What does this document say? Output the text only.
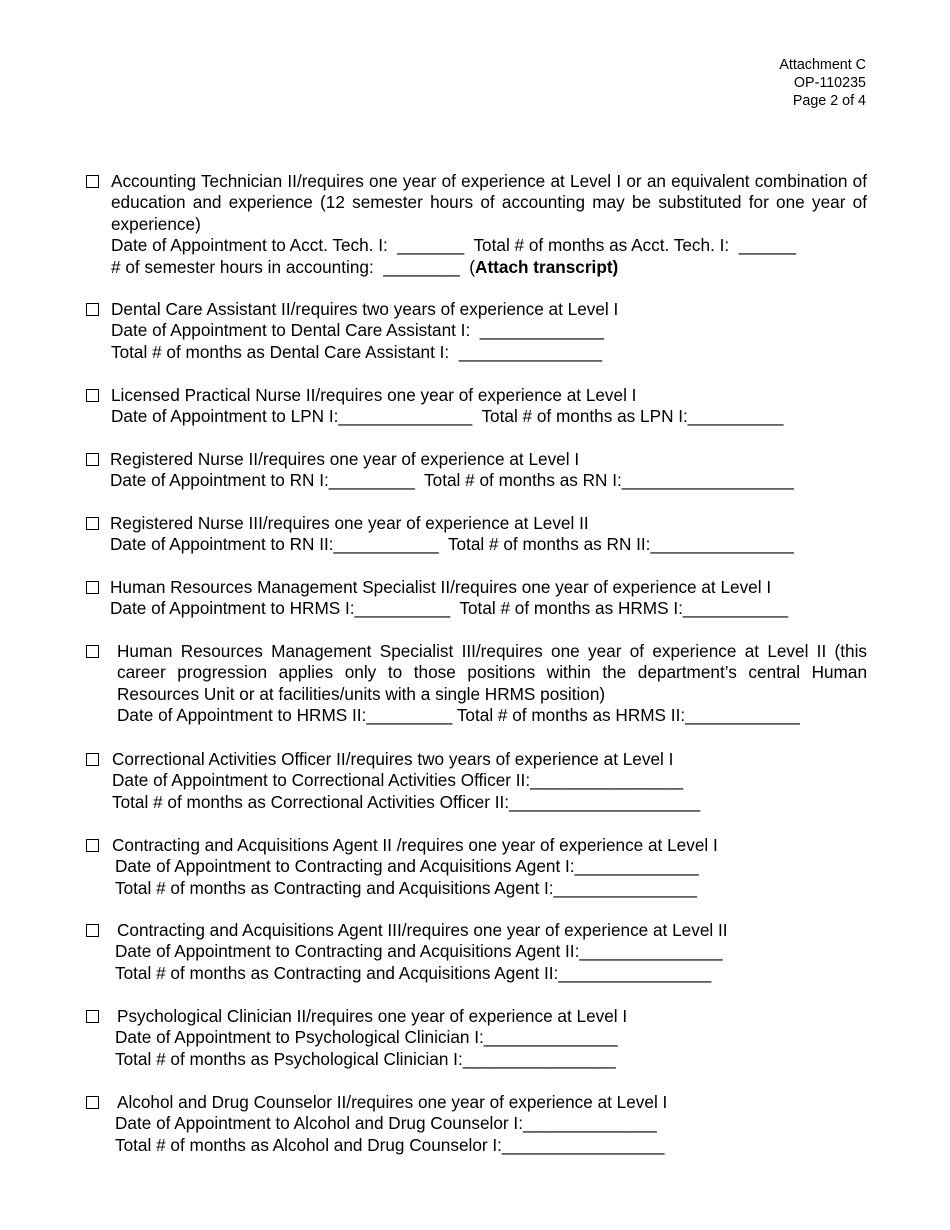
Attachment C
OP-110235
Page 2 of 4
Accounting Technician II/requires one year of experience at Level I or an equivalent combination of education and experience (12 semester hours of accounting may be substituted for one year of experience)
Date of Appointment to Acct. Tech. I:  _______  Total # of months as Acct. Tech. I:  ______
# of semester hours in accounting:  ________  (Attach transcript)
Dental Care Assistant II/requires two years of experience at Level I
Date of Appointment to Dental Care Assistant I:  _____________
Total # of months as Dental Care Assistant I:  _______________
Licensed Practical Nurse II/requires one year of experience at Level I
Date of Appointment to LPN I:______________  Total # of months as LPN I:__________
Registered Nurse II/requires one year of experience at Level I
Date of Appointment to RN I:_________  Total # of months as RN I:__________________
Registered Nurse III/requires one year of experience at Level II
Date of Appointment to RN II:___________  Total # of months as RN II:_______________
Human Resources Management Specialist II/requires one year of experience at Level I
Date of Appointment to HRMS I:__________  Total # of months as HRMS I:___________
Human Resources Management Specialist III/requires one year of experience at Level II (this career progression applies only to those positions within the department’s central Human Resources Unit or at facilities/units with a single HRMS position)
Date of Appointment to HRMS II:_________ Total # of months as HRMS II:____________
Correctional Activities Officer II/requires two years of experience at Level I
Date of Appointment to Correctional Activities Officer II:________________
Total # of months as Correctional Activities Officer II:____________________
Contracting and Acquisitions Agent II /requires one year of experience at Level I
Date of Appointment to Contracting and Acquisitions Agent I:_____________
Total # of months as Contracting and Acquisitions Agent I:_______________
Contracting and Acquisitions Agent III/requires one year of experience at Level II
Date of Appointment to Contracting and Acquisitions Agent II:_______________
Total # of months as Contracting and Acquisitions Agent II:________________
Psychological Clinician II/requires one year of experience at Level I
Date of Appointment to Psychological Clinician I:______________
Total # of months as Psychological Clinician I:________________
Alcohol and Drug Counselor II/requires one year of experience at Level I
Date of Appointment to Alcohol and Drug Counselor I:______________
Total # of months as Alcohol and Drug Counselor I:_________________
